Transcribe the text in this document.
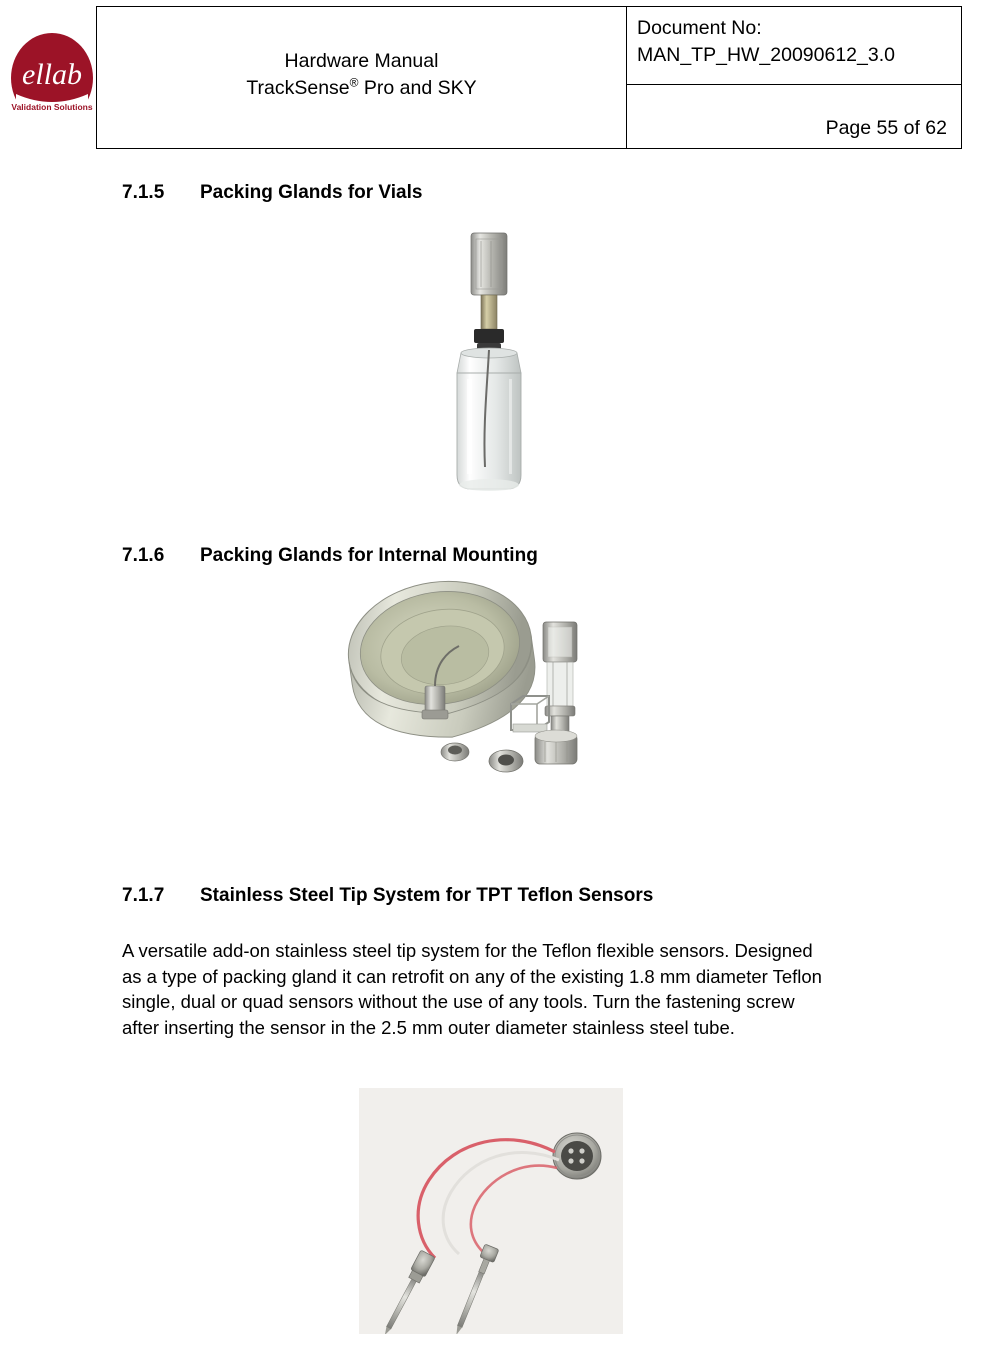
Hardware Manual
TrackSense® Pro and SKY
Document No:
MAN_TP_HW_20090612_3.0
Page 55 of 62
ellab
Validation Solutions
7.1.5 Packing Glands for Vials
7.1.6 Packing Glands for Internal Mounting
7.1.7 Stainless Steel Tip System for TPT Teflon Sensors

A versatile add-on stainless steel tip system for the Teflon flexible sensors. Designed as a type of packing gland it can retrofit on any of the existing 1.8 mm diameter Teflon single, dual or quad sensors without the use of any tools. Turn the fastening screw after inserting the sensor in the 2.5 mm outer diameter stainless steel tube.
